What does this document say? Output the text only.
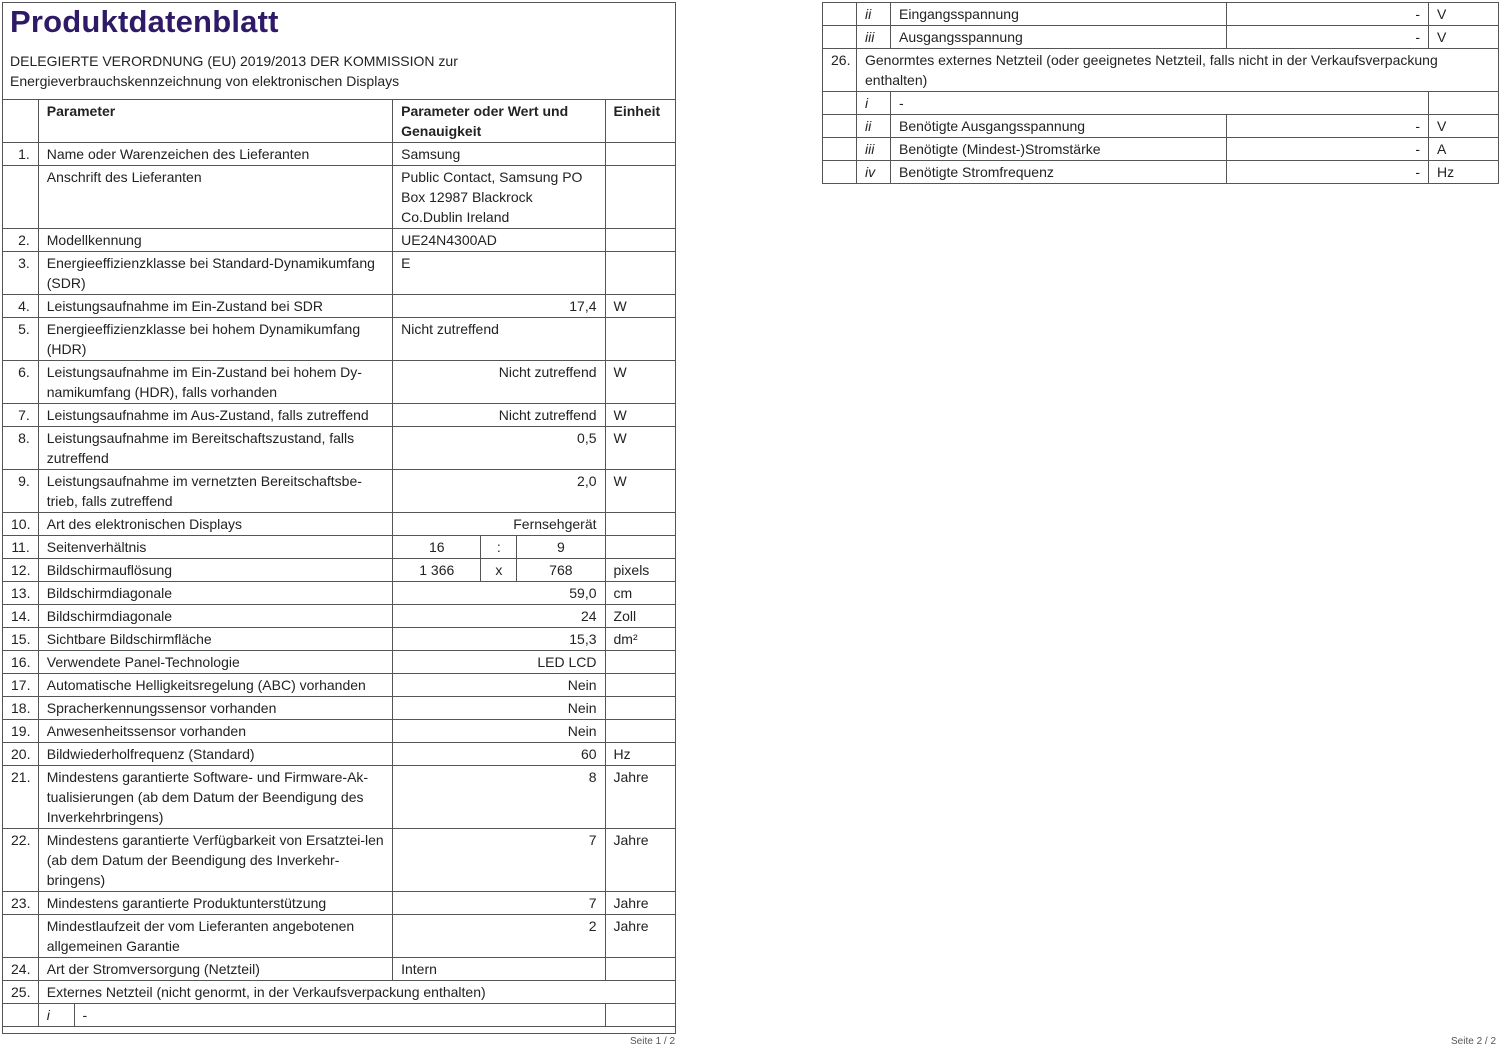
Produktdatenblatt
DELEGIERTE VERORDNUNG (EU) 2019/2013 DER KOMMISSION zur Energieverbrauchskennzeichnung von elektronischen Displays
	Parameter		Parameter oder Wert und Genauigkeit			Einheit
1.	Name oder Warenzeichen des Lieferanten		Samsung			
	Anschrift des Lieferanten		Public Contact, Samsung PO Box 12987 Blackrock Co.Dublin Ireland			
2.	Modellkennung		UE24N4300AD			
3.	Energieeffizienzklasse bei Standard-Dynamikumfang (SDR)		E			
4.	Leistungsaufnahme im Ein-Zustand bei SDR		17,4			W
5.	Energieeffizienzklasse bei hohem Dynamikumfang (HDR)		Nicht zutreffend			
6.	Leistungsaufnahme im Ein-Zustand bei hohem Dy-namikumfang (HDR), falls vorhanden		Nicht zutreffend			W
7.	Leistungsaufnahme im Aus-Zustand, falls zutreffend		Nicht zutreffend			W
8.	Leistungsaufnahme im Bereitschaftszustand, falls zutreffend		0,5			W
9.	Leistungsaufnahme im vernetzten Bereitschaftsbe-trieb, falls zutreffend		2,0			W
10.	Art des elektronischen Displays		Fernsehgerät			
11.	Seitenverhältnis		16	:	9	
12.	Bildschirmauflösung		1 366	x	768	pixels
13.	Bildschirmdiagonale		59,0			cm
14.	Bildschirmdiagonale		24			Zoll
15.	Sichtbare Bildschirmfläche		15,3			dm²
16.	Verwendete Panel-Technologie		LED LCD			
17.	Automatische Helligkeitsregelung (ABC) vorhanden		Nein			
18.	Spracherkennungssensor vorhanden		Nein			
19.	Anwesenheitssensor vorhanden		Nein			
20.	Bildwiederholfrequenz (Standard)		60			Hz
21.	Mindestens garantierte Software- und Firmware-Ak-tualisierungen (ab dem Datum der Beendigung des Inverkehrbringens)		8			Jahre
22.	Mindestens garantierte Verfügbarkeit von Ersatztei-len (ab dem Datum der Beendigung des Inverkehr-bringens)		7			Jahre
23.	Mindestens garantierte Produktunterstützung		7			Jahre
	Mindestlaufzeit der vom Lieferanten angebotenen allgemeinen Garantie		2			Jahre
24.	Art der Stromversorgung (Netzteil)		Intern			
25.	Externes Netzteil (nicht genormt, in der Verkaufsverpackung enthalten)					
	i	-				
	ii	Eingangsspannung	-	V
	iii	Ausgangsspannung	-	V
26.	Genormtes externes Netzteil (oder geeignetes Netzteil, falls nicht in der Verkaufsverpackung enthalten)			
	i	-		
	ii	Benötigte Ausgangsspannung	-	V
	iii	Benötigte (Mindest-)Stromstärke	-	A
	iv	Benötigte Stromfrequenz	-	Hz
Seite 1 / 2	Seite 2 / 2
